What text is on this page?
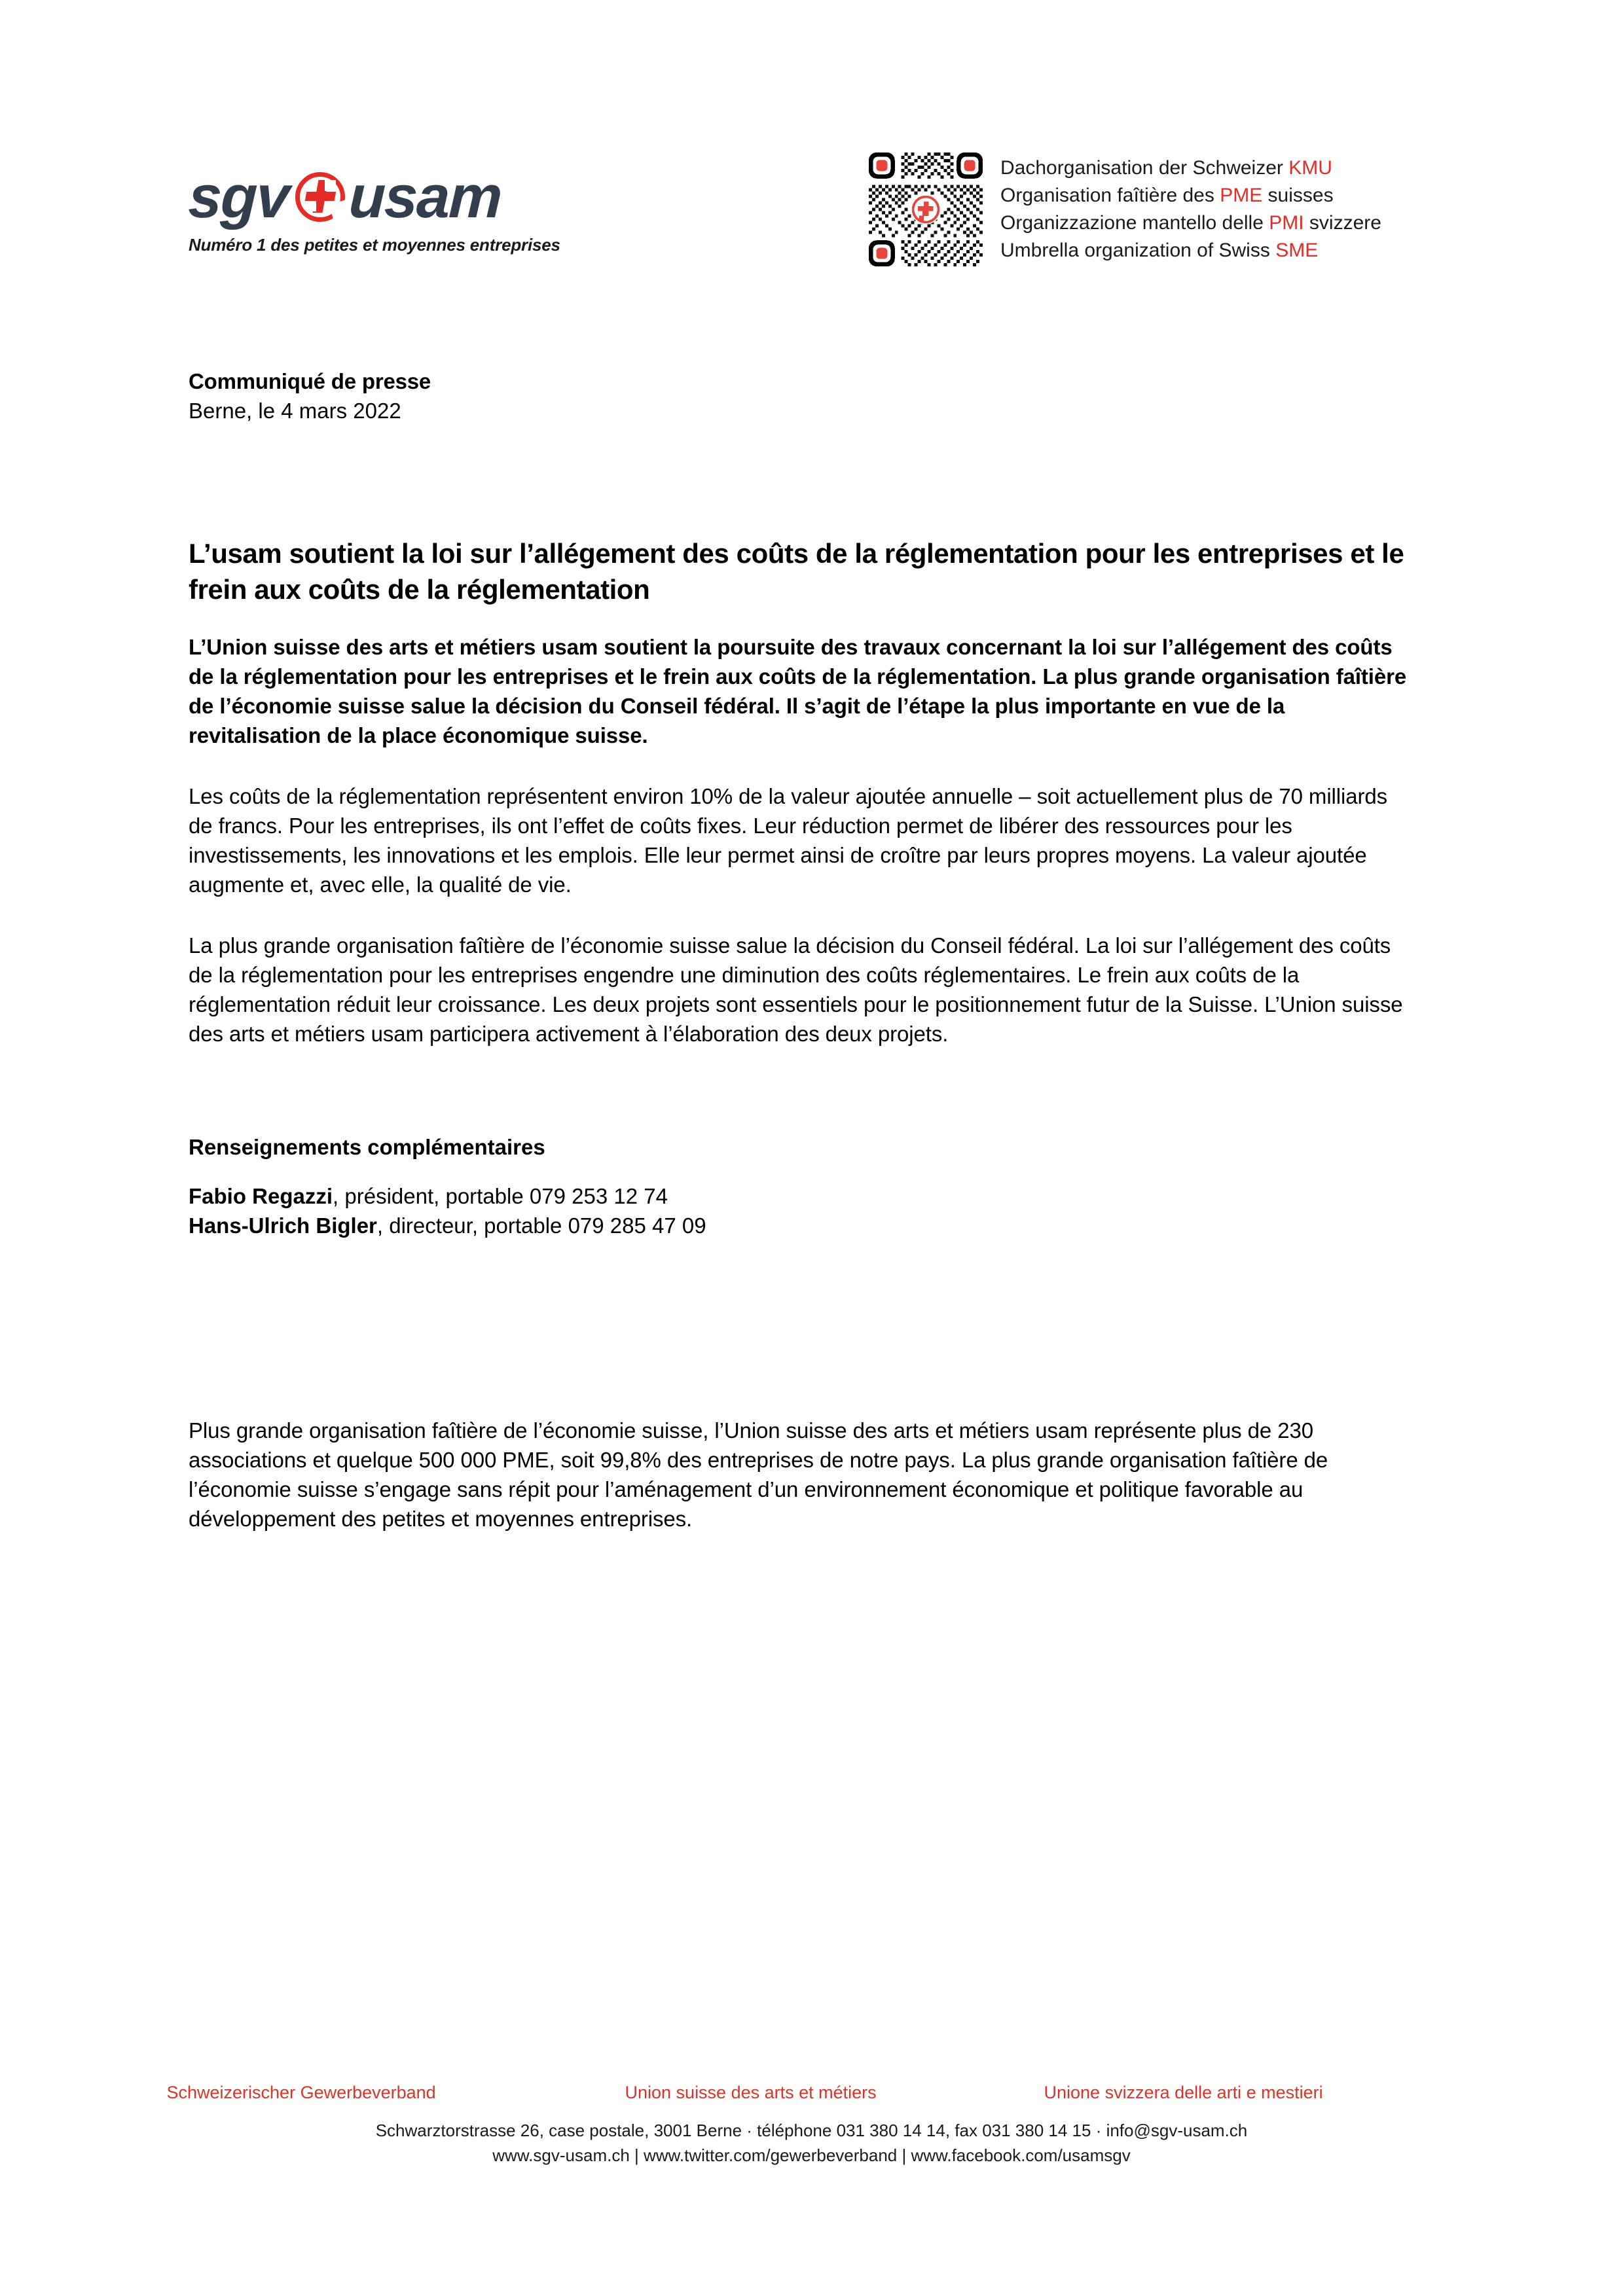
sgv usam
Numéro 1 des petites et moyennes entreprises
Dachorganisation der Schweizer KMU
Organisation faîtière des PME suisses
Organizzazione mantello delle PMI svizzere
Umbrella organization of Swiss SME
Communiqué de presse
Berne, le 4 mars 2022
L’usam soutient la loi sur l’allégement des coûts de la réglementation pour les entreprises et le frein aux coûts de la réglementation
L’Union suisse des arts et métiers usam soutient la poursuite des travaux concernant la loi sur l’allégement des coûts de la réglementation pour les entreprises et le frein aux coûts de la réglementation. La plus grande organisation faîtière de l’économie suisse salue la décision du Conseil fédéral. Il s’agit de l’étape la plus importante en vue de la revitalisation de la place économique suisse.

Les coûts de la réglementation représentent environ 10% de la valeur ajoutée annuelle – soit actuellement plus de 70 milliards de francs. Pour les entreprises, ils ont l’effet de coûts fixes. Leur réduction permet de libérer des ressources pour les investissements, les innovations et les emplois. Elle leur permet ainsi de croître par leurs propres moyens. La valeur ajoutée augmente et, avec elle, la qualité de vie.

La plus grande organisation faîtière de l’économie suisse salue la décision du Conseil fédéral. La loi sur l’allégement des coûts de la réglementation pour les entreprises engendre une diminution des coûts réglementaires. Le frein aux coûts de la réglementation réduit leur croissance. Les deux projets sont essentiels pour le positionnement futur de la Suisse. L’Union suisse des arts et métiers usam participera activement à l’élaboration des deux projets.

Renseignements complémentaires
Fabio Regazzi, président, portable 079 253 12 74
Hans-Ulrich Bigler, directeur, portable 079 285 47 09
Plus grande organisation faîtière de l’économie suisse, l’Union suisse des arts et métiers usam représente plus de 230 associations et quelque 500 000 PME, soit 99,8% des entreprises de notre pays. La plus grande organisation faîtière de l’économie suisse s’engage sans répit pour l’aménagement d’un environnement économique et politique favorable au développement des petites et moyennes entreprises.
Schweizerischer Gewerbeverband	Union suisse des arts et métiers	Unione svizzera delle arti e mestieri
Schwarztorstrasse 26, case postale, 3001 Berne · téléphone 031 380 14 14, fax 031 380 14 15 · info@sgv-usam.ch
www.sgv-usam.ch | www.twitter.com/gewerbeverband | www.facebook.com/usamsgv
